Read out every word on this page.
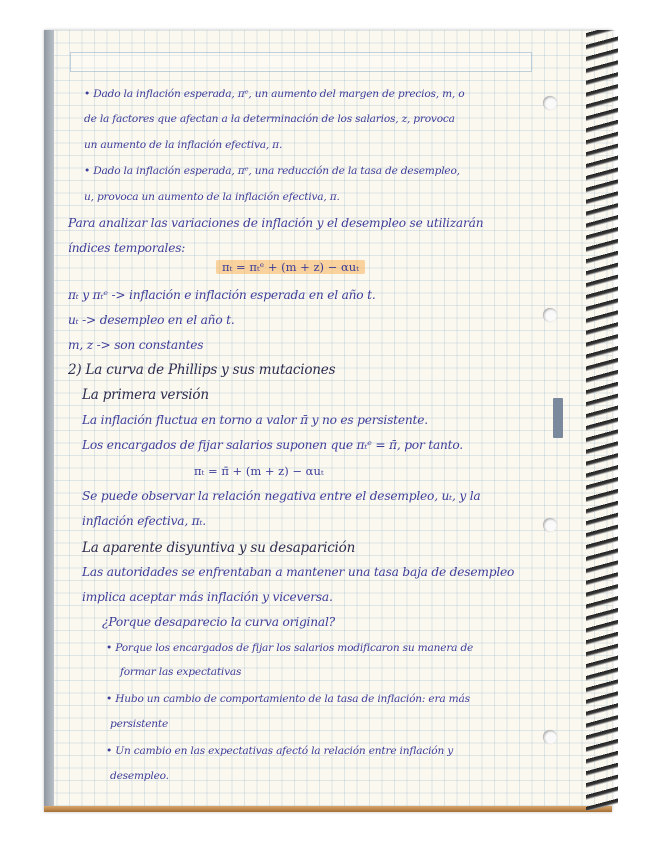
• Dado la inflación esperada, πᵉ, un aumento del margen de precios, m, o
de la factores que afectan a la determinación de los salarios, z, provoca
un aumento de la inflación efectiva, π.
• Dado la inflación esperada, πᵉ, una reducción de la tasa de desempleo,
u, provoca un aumento de la inflación efectiva, π.
Para analizar las variaciones de inflación y el desempleo se utilizarán
índices temporales:
πₜ = πₜᵉ + (m + z) − αuₜ
πₜ y πₜᵉ -> inflación e inflación esperada en el año t.
uₜ -> desempleo en el año t.
m, z -> son constantes
2) La curva de Phillips y sus mutaciones
La primera versión
La inflación fluctua en torno a valor π̄ y no es persistente.
Los encargados de fijar salarios suponen que πₜᵉ = π̄, por tanto.
πₜ = π̄ + (m + z) − αuₜ
Se puede observar la relación negativa entre el desempleo, uₜ, y la
inflación efectiva, πₜ.
La aparente disyuntiva y su desaparición
Las autoridades se enfrentaban a mantener una tasa baja de desempleo
implica aceptar más inflación y viceversa.
¿Porque desaparecio la curva original?
• Porque los encargados de fijar los salarios modificaron su manera de
formar las expectativas
• Hubo un cambio de comportamiento de la tasa de inflación: era más
persistente
• Un cambio en las expectativas afectó la relación entre inflación y
desempleo.
